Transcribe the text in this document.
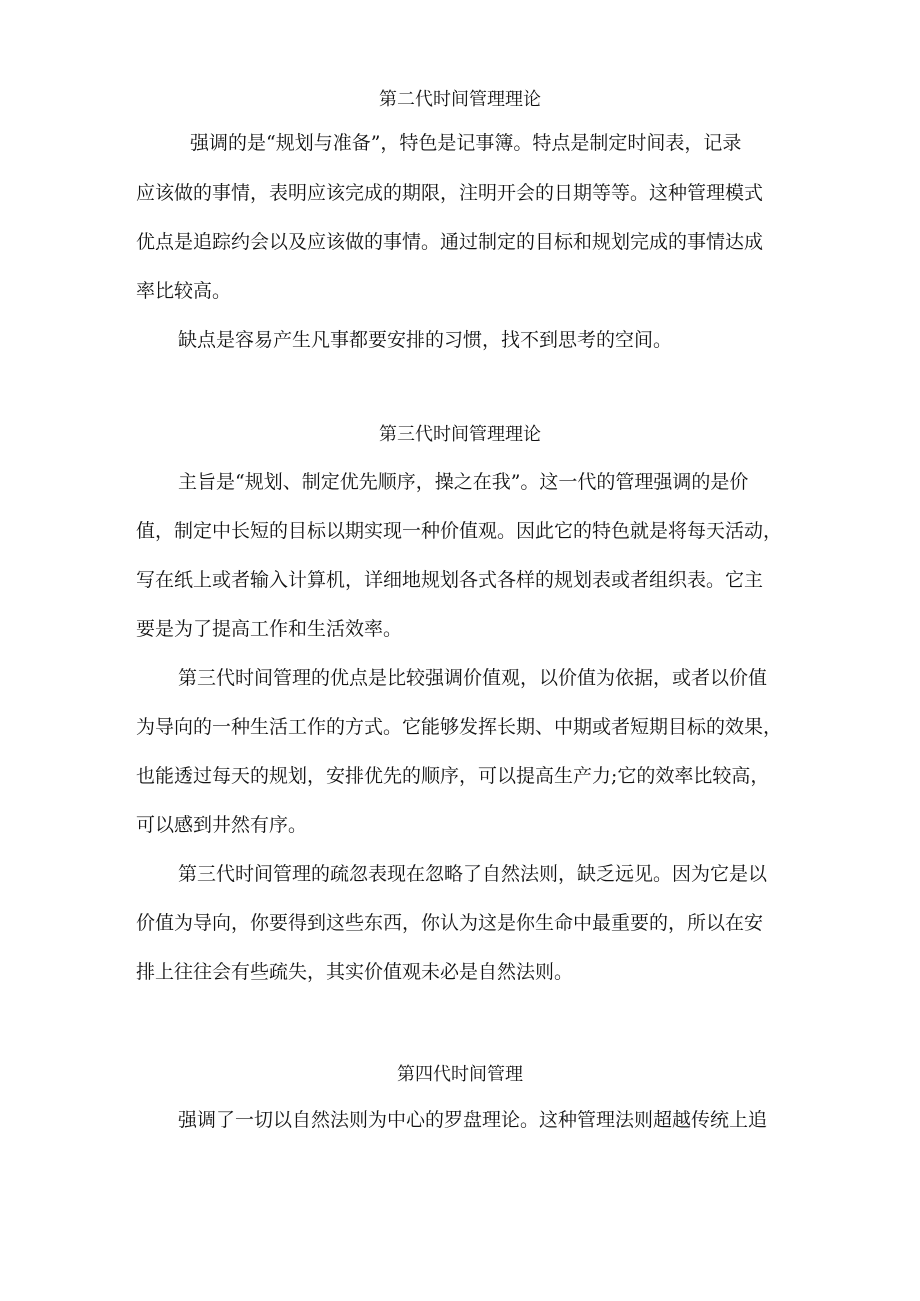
第二代时间管理理论

强调的是“规划与准备”，特色是记事簿。特点是制定时间表，记录

应该做的事情，表明应该完成的期限，注明开会的日期等等。这种管理模式

优点是追踪约会以及应该做的事情。通过制定的目标和规划完成的事情达成

率比较高。

缺点是容易产生凡事都要安排的习惯，找不到思考的空间。

第三代时间管理理论

主旨是“规划、制定优先顺序，操之在我”。这一代的管理强调的是价

值，制定中长短的目标以期实现一种价值观。因此它的特色就是将每天活动，

写在纸上或者输入计算机，详细地规划各式各样的规划表或者组织表。它主

要是为了提高工作和生活效率。

第三代时间管理的优点是比较强调价值观，以价值为依据，或者以价值

为导向的一种生活工作的方式。它能够发挥长期、中期或者短期目标的效果，

也能透过每天的规划，安排优先的顺序，可以提高生产力;它的效率比较高，

可以感到井然有序。

第三代时间管理的疏忽表现在忽略了自然法则，缺乏远见。因为它是以

价值为导向，你要得到这些东西，你认为这是你生命中最重要的，所以在安

排上往往会有些疏失，其实价值观未必是自然法则。

第四代时间管理

强调了一切以自然法则为中心的罗盘理论。这种管理法则超越传统上追
